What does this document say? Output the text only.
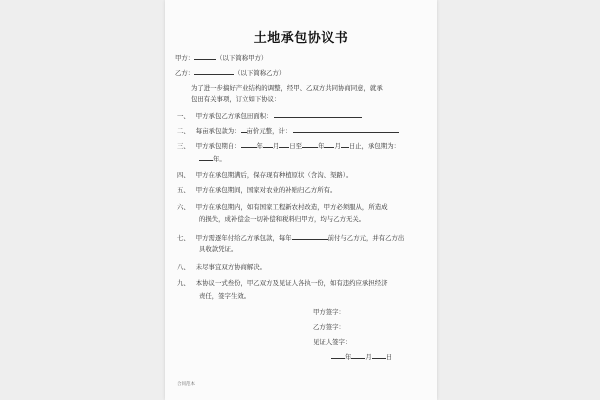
土地承包协议书
甲方：	（以下简称甲方）
乙方：	（以下简称乙方）
为了进一步搞好产业结构的调整，经甲、乙双方共同协商同意，就承
包田有关事项，订立如下协议：
一、 甲方承包乙方承包田面积：
二、 每亩承包款为： 亩价元整，计：
三、 甲方承包期自：	年 月 日至	年 月 日止，承包期为：
年。
四、 甲方在承包期满后，保存现有种植原状（含沟、渠路）。
五、 甲方在承包期间，国家对农业的补贴归乙方所有。
六、 甲方在承包期内，如有国家工程新农村改造，甲方必须服从，所造成
的损失，成补偿金一切补偿和税料归甲方，均与乙方无关。
七、 甲方需逐年付给乙方承包款，每年	前付与乙方元，并有乙方出
具收款凭证。
八、 未尽事宜双方协商解决。
九、 本协议一式叁份，甲乙双方及见证人各执一份，如有违约应承担经济
责任，签字生效。
甲方签字：
乙方签字：
见证人签字：
年 月 日
合同范本
